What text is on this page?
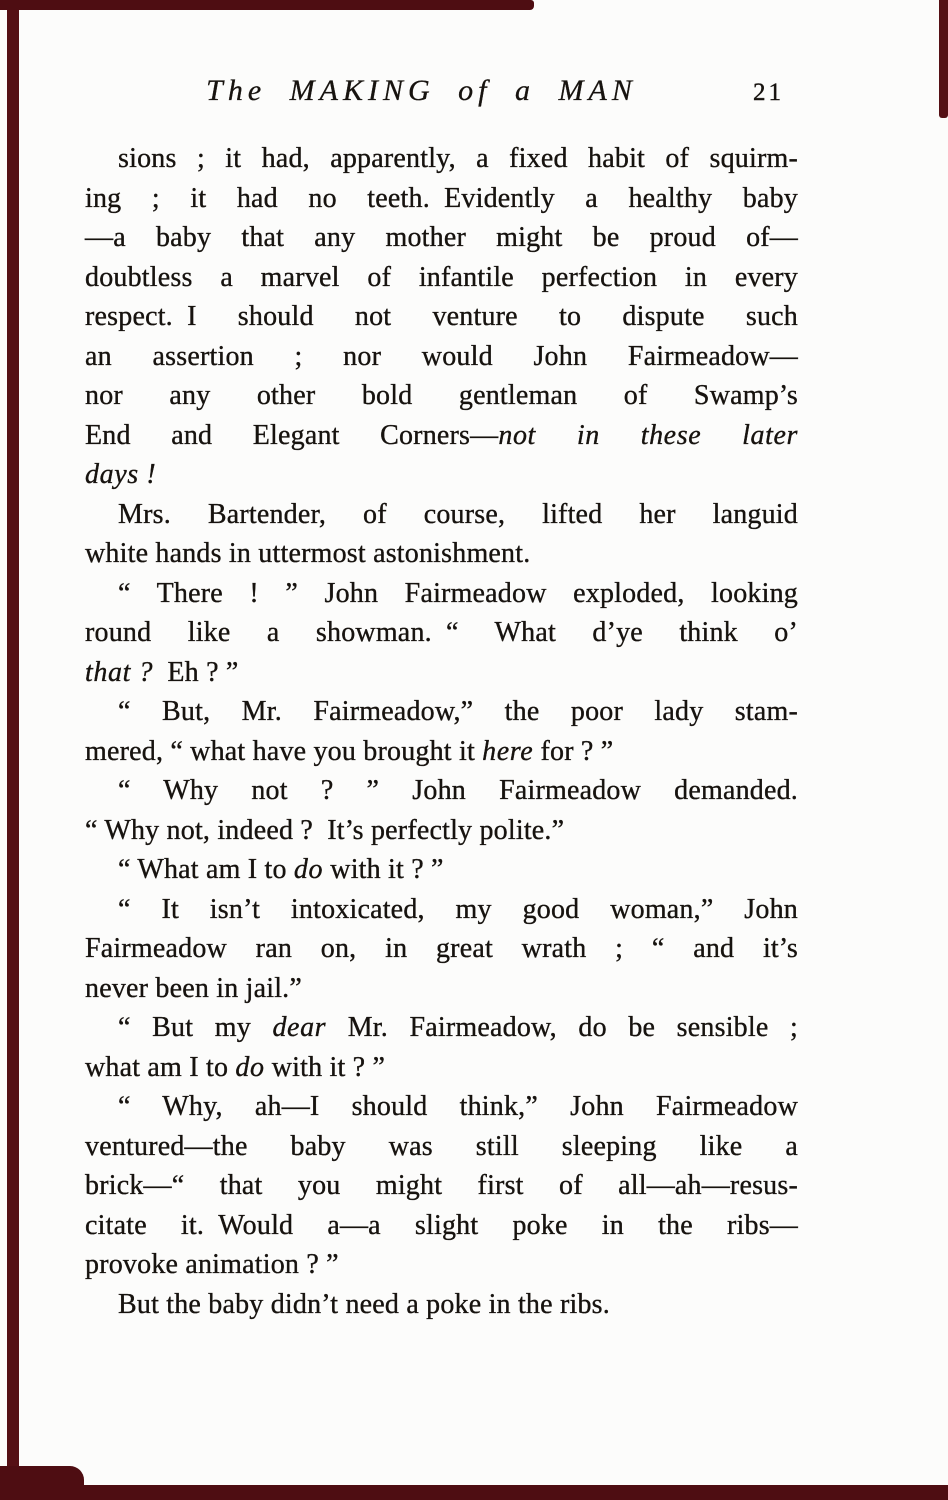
The MAKING of a MAN	21
sions ; it had, apparently, a fixed habit of squirm-
ing ; it had no teeth. Evidently a healthy baby
—a baby that any mother might be proud of—
doubtless a marvel of infantile perfection in every
respect. I should not venture to dispute such
an assertion ; nor would John Fairmeadow—
nor any other bold gentleman of Swamp’s
End and Elegant Corners—not in these later
days !
Mrs. Bartender, of course, lifted her languid
white hands in uttermost astonishment.
“ There ! ” John Fairmeadow exploded, looking
round like a showman. “ What d’ye think o’
that ? Eh ? ”
“ But, Mr. Fairmeadow,” the poor lady stam-
mered, “ what have you brought it here for ? ”
“ Why not ? ” John Fairmeadow demanded.
“ Why not, indeed ? It’s perfectly polite.”
“ What am I to do with it ? ”
“ It isn’t intoxicated, my good woman,” John
Fairmeadow ran on, in great wrath ; “ and it’s
never been in jail.”
“ But my dear Mr. Fairmeadow, do be sensible ;
what am I to do with it ? ”
“ Why, ah—I should think,” John Fairmeadow
ventured—the baby was still sleeping like a
brick—“ that you might first of all—ah—resus-
citate it. Would a—a slight poke in the ribs—
provoke animation ? ”
But the baby didn’t need a poke in the ribs.
